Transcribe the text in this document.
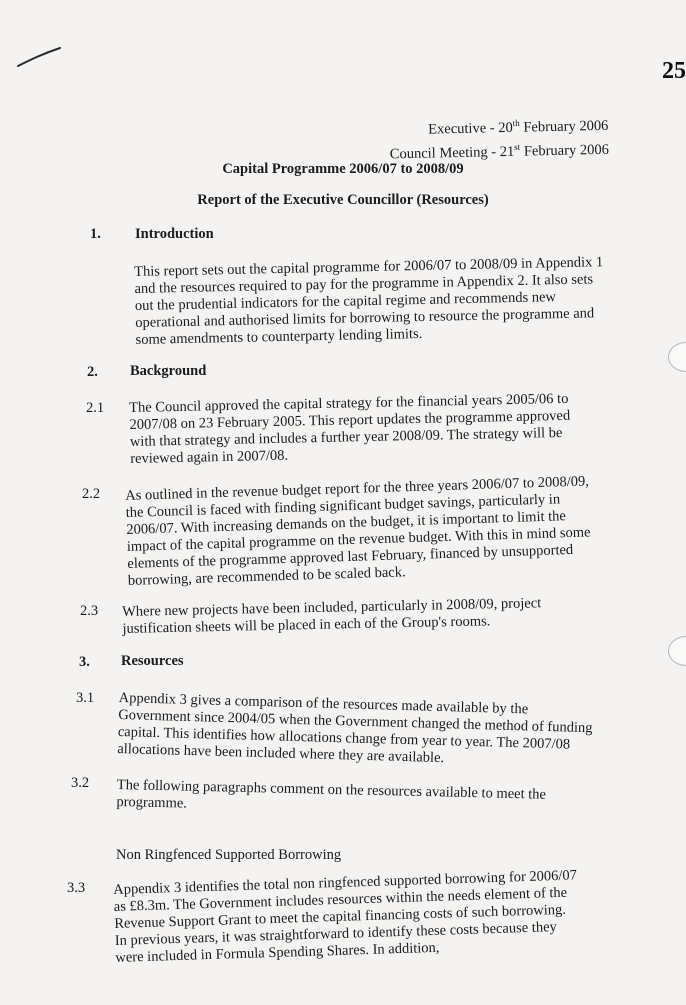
25
Executive - 20th February 2006
Council Meeting - 21st February 2006
Capital Programme 2006/07 to 2008/09
Report of the Executive Councillor (Resources)
1.	Introduction
This report sets out the capital programme for 2006/07 to 2008/09 in Appendix 1 and the resources required to pay for the programme in Appendix 2. It also sets out the prudential indicators for the capital regime and recommends new operational and authorised limits for borrowing to resource the programme and some amendments to counterparty lending limits.
2.	Background
2.1	The Council approved the capital strategy for the financial years 2005/06 to 2007/08 on 23 February 2005. This report updates the programme approved with that strategy and includes a further year 2008/09. The strategy will be reviewed again in 2007/08.
2.2	As outlined in the revenue budget report for the three years 2006/07 to 2008/09, the Council is faced with finding significant budget savings, particularly in 2006/07. With increasing demands on the budget, it is important to limit the impact of the capital programme on the revenue budget. With this in mind some elements of the programme approved last February, financed by unsupported borrowing, are recommended to be scaled back.
2.3	Where new projects have been included, particularly in 2008/09, project justification sheets will be placed in each of the Group's rooms.
3.	Resources
3.1	Appendix 3 gives a comparison of the resources made available by the Government since 2004/05 when the Government changed the method of funding capital. This identifies how allocations change from year to year. The 2007/08 allocations have been included where they are available.
3.2	The following paragraphs comment on the resources available to meet the programme.
Non Ringfenced Supported Borrowing
3.3	Appendix 3 identifies the total non ringfenced supported borrowing for 2006/07 as £8.3m. The Government includes resources within the needs element of the Revenue Support Grant to meet the capital financing costs of such borrowing. In previous years, it was straightforward to identify these costs because they were included in Formula Spending Shares. In addition,
